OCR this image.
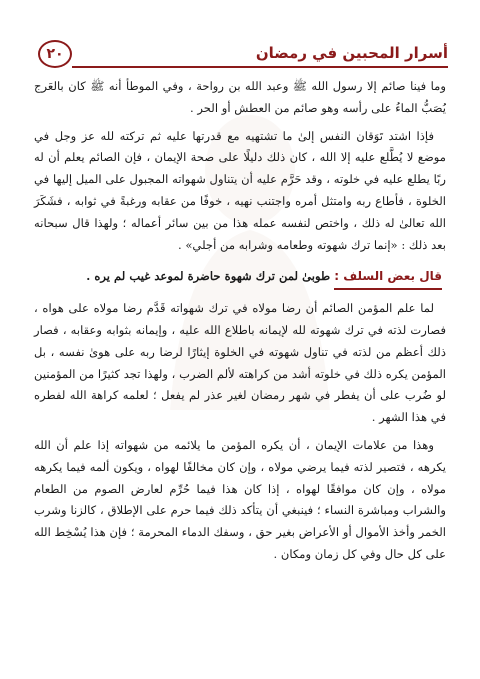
أسرار المحبين في رمضان
٢٠

وما فينا صائم إلا رسول الله ﷺ وعبد الله بن رواحة ، وفي الموطأ أنه ﷺ كان بالعَرج يُصَبُّ الماءُ على رأسه وهو صائم من العطش أو الحر .

فإذا اشتد تَوَقان النفس إلىٰ ما تشتهيه مع قدرتها عليه ثم تركته لله عز وجل في موضع لا يُطَّلع عليه إلا الله ، كان ذلك دليلًا على صحة الإيمان ، فإن الصائم يعلم أن له ربًا يطلع عليه في خلوته ، وقد حَرَّم عليه أن يتناول شهواته المجبول على الميل إليها في الخلوة ، فأطاع ربه وامتثل أمره واجتنب نهيه ، خوفًا من عقابه ورغبةً في ثوابه ، فشَكَرَ الله تعالىٰ له ذلك ، واختص لنفسه عمله هذا من بين سائر أعماله ؛ ولهذا قال سبحانه بعد ذلك : «إنما ترك شهوته وطعامه وشرابه من أجلي» .

قال بعض السلف :
طوبىٰ لمن ترك شهوة حاضرة لموعد غيب لم يره .

لما علم المؤمن الصائم أن رضا مولاه في ترك شهواته قَدَّم رضا مولاه على هواه ، فصارت لذته في ترك شهوته لله لإيمانه باطلاع الله عليه ، وإيمانه بثوابه وعقابه ، فصار ذلك أعظم من لذته في تناول شهوته في الخلوة إيثارًا لرضا ربه على هوىٰ نفسه ، بل المؤمن يكره ذلك في خلوته أشد من كراهته لألم الضرب ، ولهذا تجد كثيرًا من المؤمنين لو ضُرب على أن يفطر في شهر رمضان لغير عذر لم يفعل ؛ لعلمه كراهة الله لفطره في هذا الشهر .

وهذا من علامات الإيمان ، أن يكره المؤمن ما يلائمه من شهواته إذا علم أن الله يكرهه ، فتصير لذته فيما يرضي مولاه ، وإن كان مخالفًا لهواه ، ويكون ألمه فيما يكرهه مولاه ، وإن كان موافقًا لهواه ، إذا كان هذا فيما حُرِّم لعارض الصوم من الطعام والشراب ومباشرة النساء ؛ فينبغي أن يتأكد ذلك فيما حرم على الإطلاق ، كالزنا وشرب الخمر وأخذ الأموال أو الأعراض بغير حق ، وسفك الدماء المحرمة ؛ فإن هذا يُسْخِط الله على كل حال وفي كل زمان ومكان .
